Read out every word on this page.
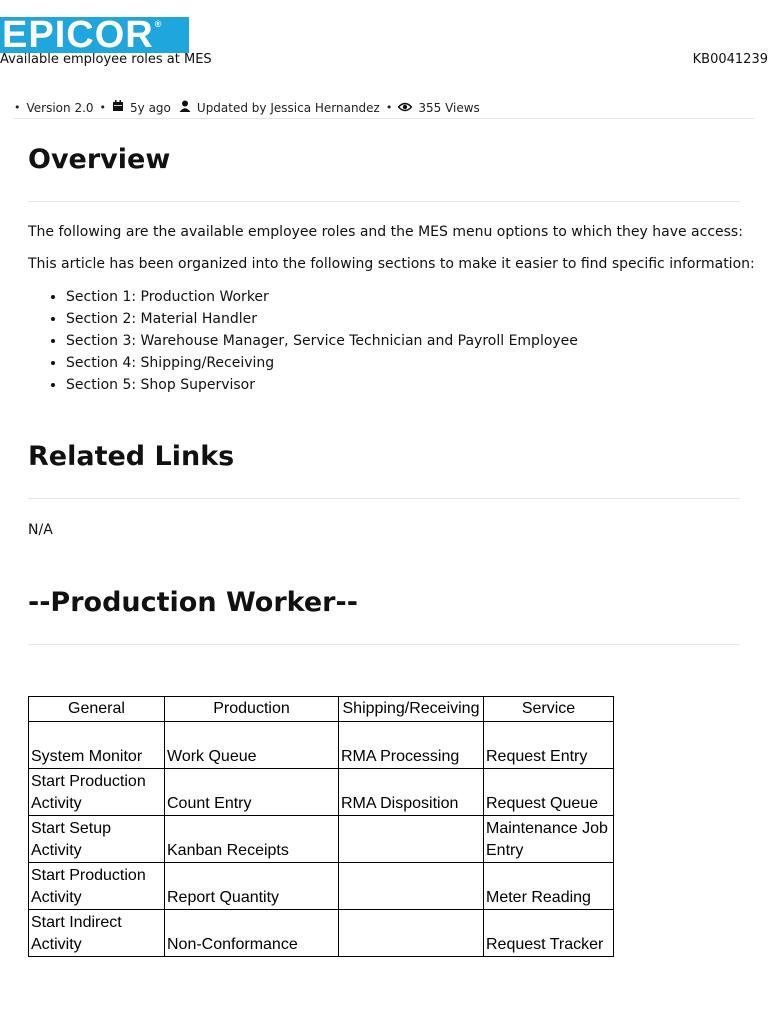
EPICOR®
Available employee roles at MES	KB0041239
• Version 2.0 • 5y ago Updated by Jessica Hernandez • 355 Views
Overview

The following are the available employee roles and the MES menu options to which they have access:

This article has been organized into the following sections to make it easier to find specific information:

• Section 1: Production Worker
• Section 2: Material Handler
• Section 3: Warehouse Manager, Service Technician and Payroll Employee
• Section 4: Shipping/Receiving
• Section 5: Shop Supervisor
Related Links

N/A

--Production Worker--
General	Production	Shipping/Receiving	Service
System Monitor	Work Queue	RMA Processing	Request Entry
Start Production Activity	Count Entry	RMA Disposition	Request Queue
Start Setup Activity	Kanban Receipts		Maintenance Job Entry
Start Production Activity	Report Quantity		Meter Reading
Start Indirect Activity	Non-Conformance		Request Tracker
